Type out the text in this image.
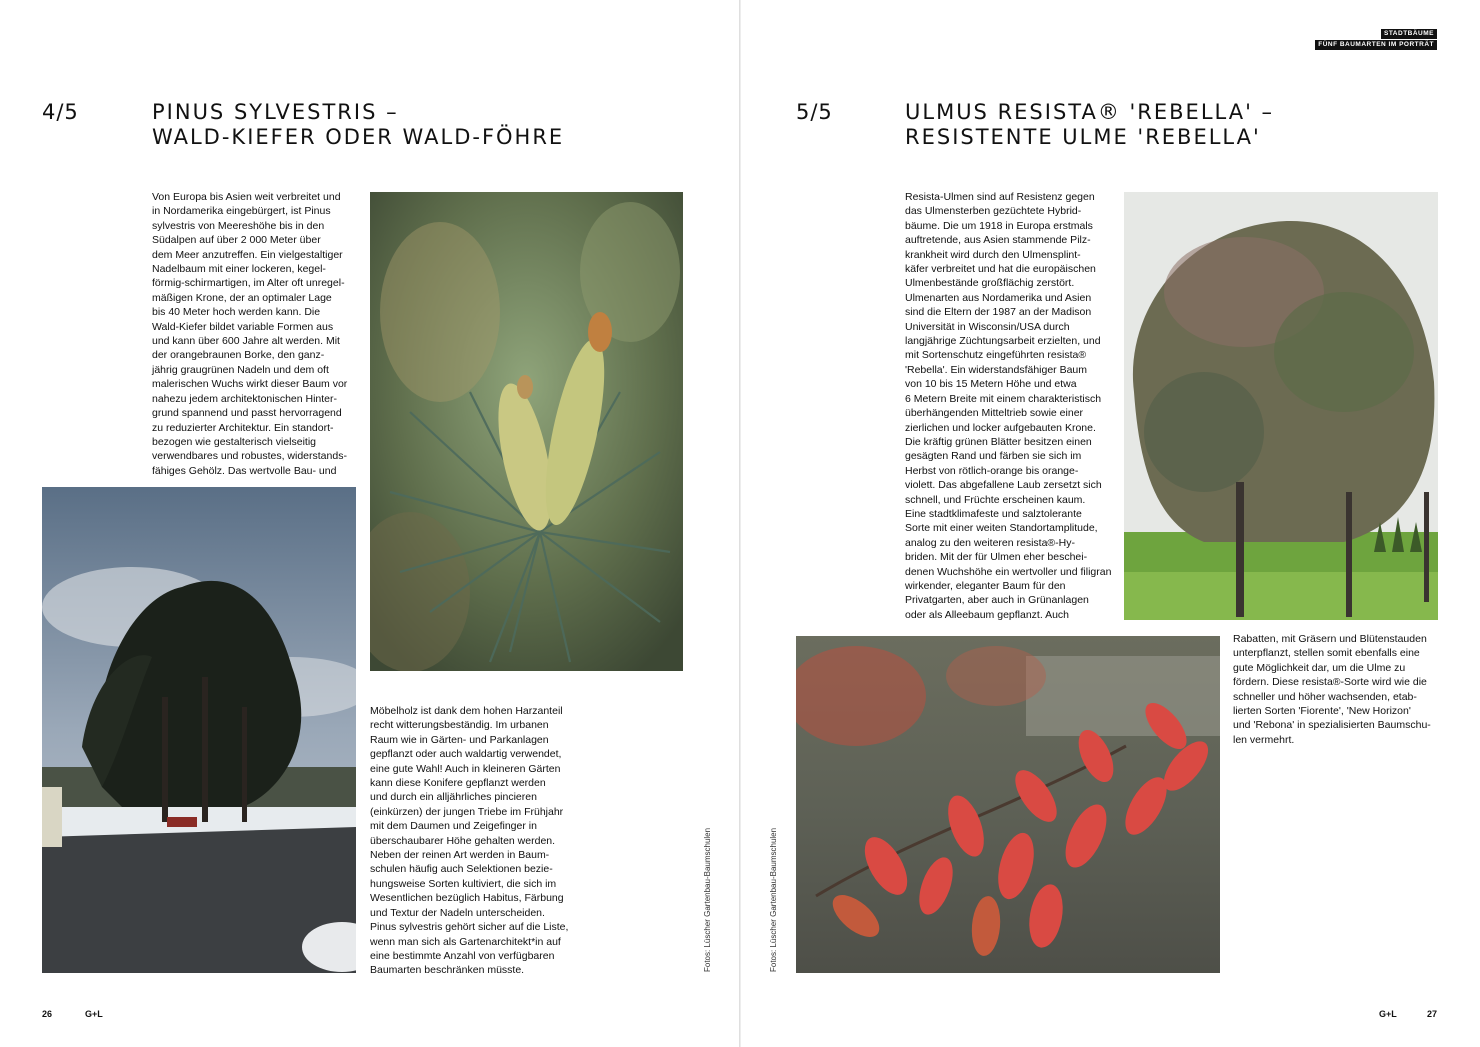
4/5	PINUS SYLVESTRIS –
WALD-KIEFER ODER WALD-FÖHRE
Von Europa bis Asien weit verbreitet und
in Nordamerika eingebürgert, ist Pinus
sylvestris von Meereshöhe bis in den
Südalpen auf über 2 000 Meter über
dem Meer anzutreffen. Ein vielgestaltiger
Nadelbaum mit einer lockeren, kegel-
förmig-schirmartigen, im Alter oft unregel-
mäßigen Krone, der an optimaler Lage
bis 40 Meter hoch werden kann. Die
Wald-Kiefer bildet variable Formen aus
und kann über 600 Jahre alt werden. Mit
der orangebraunen Borke, den ganz-
jährig graugrünen Nadeln und dem oft
malerischen Wuchs wirkt dieser Baum vor
nahezu jedem architektonischen Hinter-
grund spannend und passt hervorragend
zu reduzierter Architektur. Ein standort-
bezogen wie gestalterisch vielseitig
verwendbares und robustes, widerstands-
fähiges Gehölz. Das wertvolle Bau- und
Möbelholz ist dank dem hohen Harzanteil
recht witterungsbeständig. Im urbanen
Raum wie in Gärten- und Parkanlagen
gepflanzt oder auch waldartig verwendet,
eine gute Wahl! Auch in kleineren Gärten
kann diese Konifere gepflanzt werden
und durch ein alljährliches pincieren
(einkürzen) der jungen Triebe im Frühjahr
mit dem Daumen und Zeigefinger in
überschaubarer Höhe gehalten werden.
Neben der reinen Art werden in Baum-
schulen häufig auch Selektionen bezie-
hungsweise Sorten kultiviert, die sich im
Wesentlichen bezüglich Habitus, Färbung
und Textur der Nadeln unterscheiden.
Pinus sylvestris gehört sicher auf die Liste,
wenn man sich als Gartenarchitekt*in auf
eine bestimmte Anzahl von verfügbaren
Baumarten beschränken müsste.	Fotos: Lüscher Gartenbau-Baumschulen
26	G+L
STADTBÄUME
FÜNF BAUMARTEN IM PORTRÄT
5/5	ULMUS RESISTA® 'REBELLA' –
RESISTENTE ULME 'REBELLA'
Resista-Ulmen sind auf Resistenz gegen
das Ulmensterben gezüchtete Hybrid-
bäume. Die um 1918 in Europa erstmals
auftretende, aus Asien stammende Pilz-
krankheit wird durch den Ulmensplint-
käfer verbreitet und hat die europäischen
Ulmenbestände großflächig zerstört.
Ulmenarten aus Nordamerika und Asien
sind die Eltern der 1987 an der Madison
Universität in Wisconsin/USA durch
langjährige Züchtungsarbeit erzielten, und
mit Sortenschutz eingeführten resista®
'Rebella'. Ein widerstandsfähiger Baum
von 10 bis 15 Metern Höhe und etwa
6 Metern Breite mit einem charakteristisch
überhängenden Mitteltrieb sowie einer
zierlichen und locker aufgebauten Krone.
Die kräftig grünen Blätter besitzen einen
gesägten Rand und färben sie sich im
Herbst von rötlich-orange bis orange-
violett. Das abgefallene Laub zersetzt sich
schnell, und Früchte erscheinen kaum.
Eine stadtklimafeste und salztolerante
Sorte mit einer weiten Standortamplitude,
analog zu den weiteren resista®-Hy-
briden. Mit der für Ulmen eher beschei-
denen Wuchshöhe ein wertvoller und filigran
wirkender, eleganter Baum für den
Privatgarten, aber auch in Grünanlagen
oder als Alleebaum gepflanzt. Auch
Fotos: Lüscher Gartenbau-Baumschulen
Rabatten, mit Gräsern und Blütenstauden
unterpflanzt, stellen somit ebenfalls eine
gute Möglichkeit dar, um die Ulme zu
fördern. Diese resista®-Sorte wird wie die
schneller und höher wachsenden, etab-
lierten Sorten 'Fiorente', 'New Horizon'
und 'Rebona' in spezialisierten Baumschu-
len vermehrt.
G+L	27
